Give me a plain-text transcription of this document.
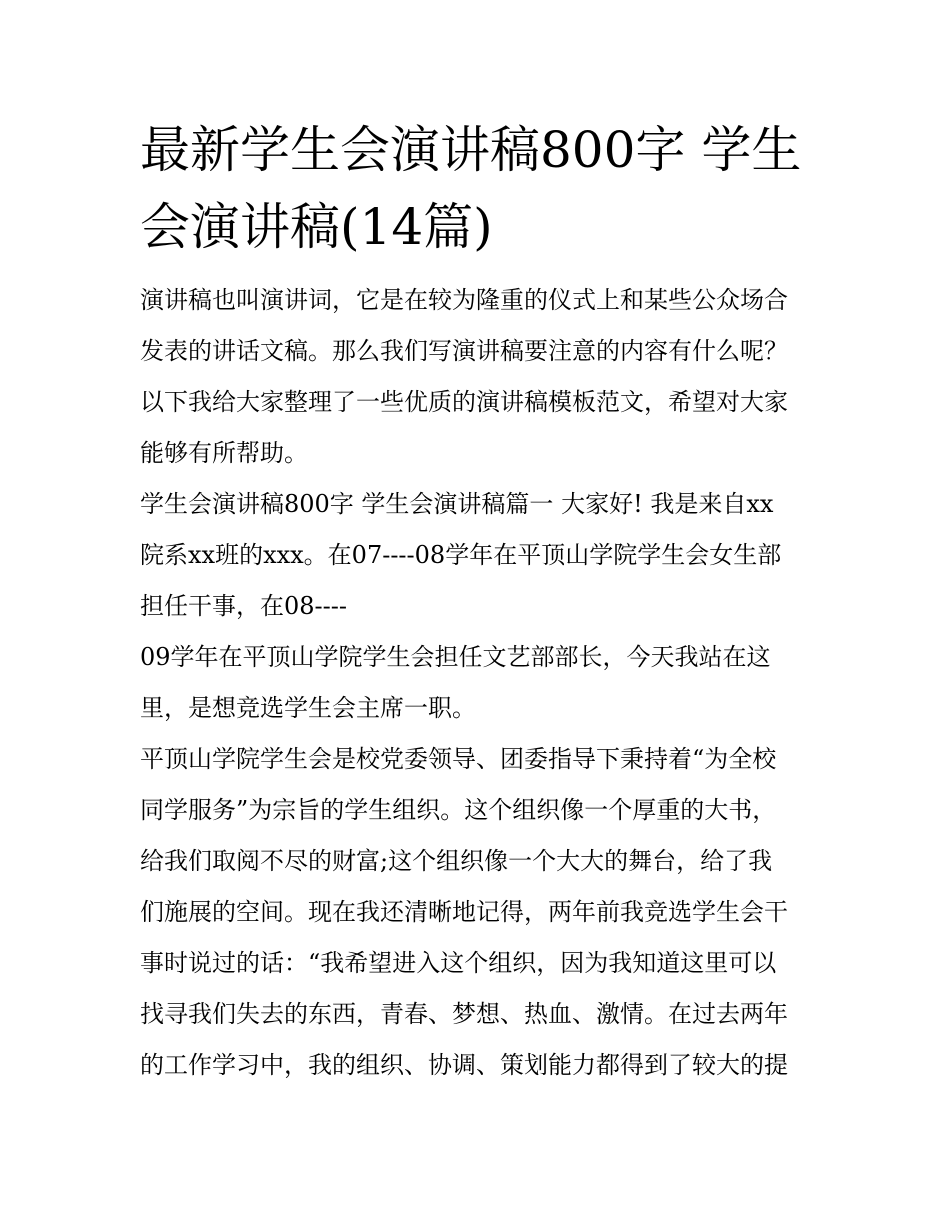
最新学生会演讲稿800字 学生
会演讲稿(14篇)
演讲稿也叫演讲词，它是在较为隆重的仪式上和某些公众场合
发表的讲话文稿。那么我们写演讲稿要注意的内容有什么呢？
以下我给大家整理了一些优质的演讲稿模板范文，希望对大家
能够有所帮助。
学生会演讲稿800字 学生会演讲稿篇一 大家好! 我是来自xx
院系xx班的xxx。在07----08学年在平顶山学院学生会女生部
担任干事，在08----
09学年在平顶山学院学生会担任文艺部部长，今天我站在这
里，是想竞选学生会主席一职。
平顶山学院学生会是校党委领导、团委指导下秉持着“为全校
同学服务”为宗旨的学生组织。这个组织像一个厚重的大书，
给我们取阅不尽的财富;这个组织像一个大大的舞台，给了我
们施展的空间。现在我还清晰地记得，两年前我竞选学生会干
事时说过的话：“我希望进入这个组织，因为我知道这里可以
找寻我们失去的东西，青春、梦想、热血、激情。在过去两年
的工作学习中，我的组织、协调、策划能力都得到了较大的提
